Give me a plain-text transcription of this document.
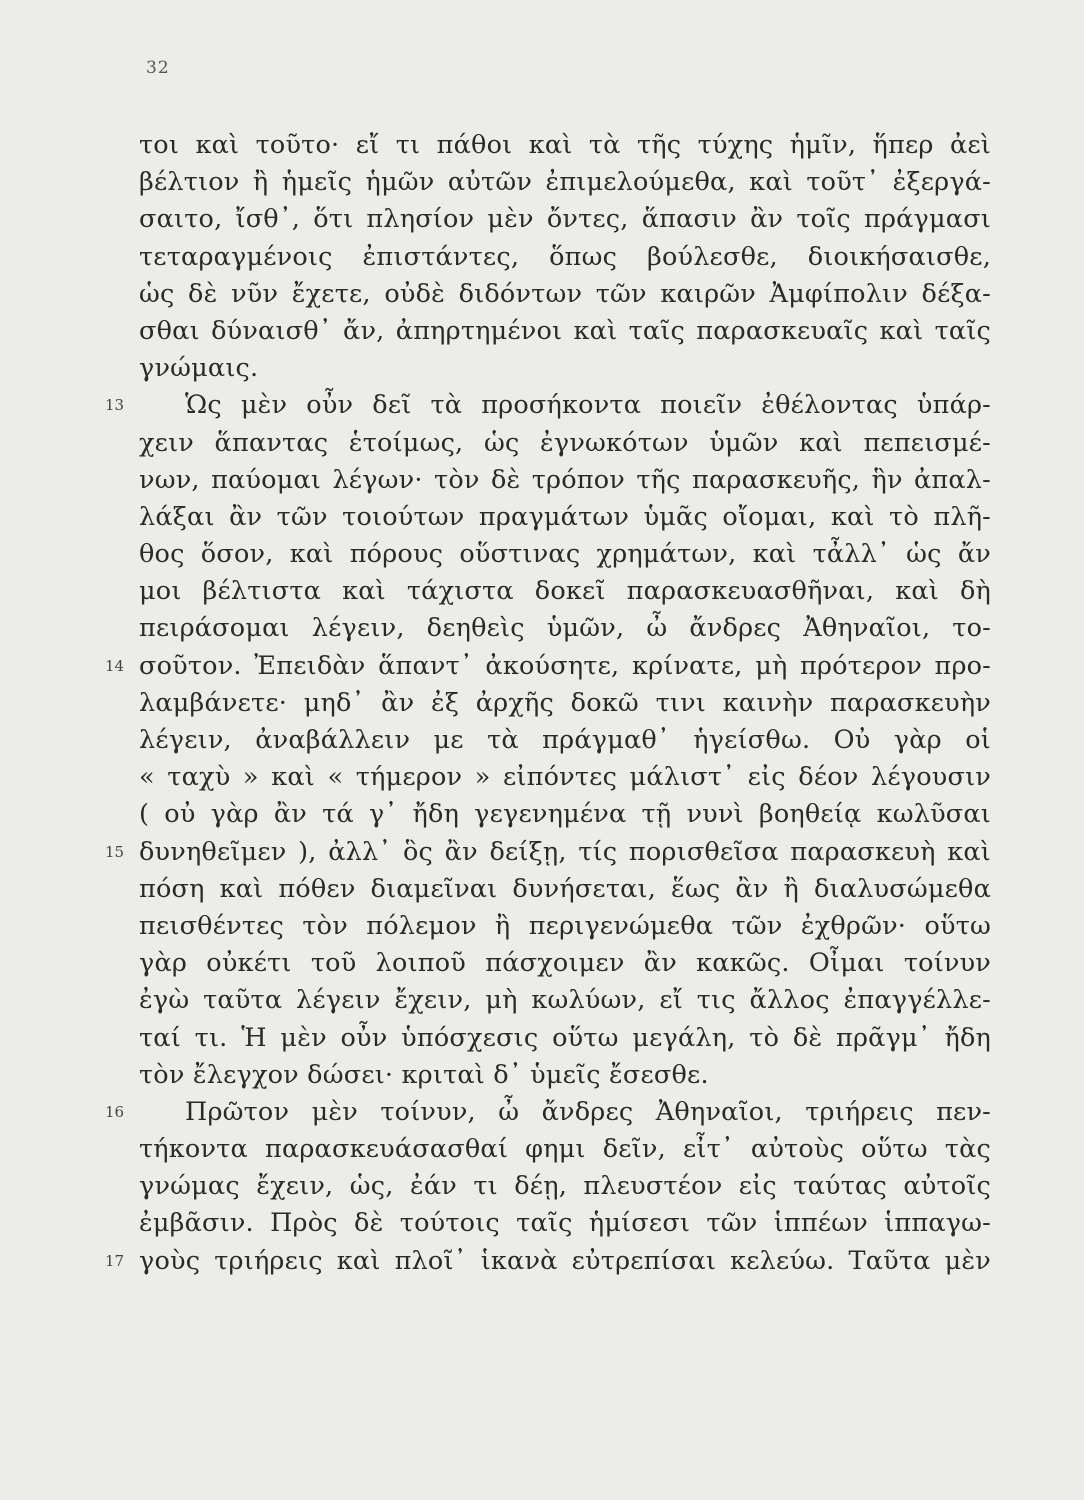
32
τοι καὶ τοῦτο· εἴ τι πάθοι καὶ τὰ τῆς τύχης ἡμῖν, ἥπερ ἀεὶ
βέλτιον ἢ ἡμεῖς ἡμῶν αὐτῶν ἐπιμελούμεθα, καὶ τοῦτ᾽ ἐξεργά-
σαιτο, ἴσθ᾽, ὅτι πλησίον μὲν ὄντες, ἅπασιν ἂν τοῖς πράγμασι
τεταραγμένοις ἐπιστάντες, ὅπως βούλεσθε, διοικήσαισθε,
ὡς δὲ νῦν ἔχετε, οὐδὲ διδόντων τῶν καιρῶν Ἀμφίπολιν δέξα-
σθαι δύναισθ᾽ ἄν, ἀπηρτημένοι καὶ ταῖς παρασκευαῖς καὶ ταῖς
γνώμαις.
13 Ὡς μὲν οὖν δεῖ τὰ προσήκοντα ποιεῖν ἐθέλοντας ὑπάρ-
χειν ἅπαντας ἑτοίμως, ὡς ἐγνωκότων ὑμῶν καὶ πεπεισμέ-
νων, παύομαι λέγων· τὸν δὲ τρόπον τῆς παρασκευῆς, ἣν ἀπαλ-
λάξαι ἂν τῶν τοιούτων πραγμάτων ὑμᾶς οἴομαι, καὶ τὸ πλῆ-
θος ὅσον, καὶ πόρους οὕστινας χρημάτων, καὶ τἆλλ᾽ ὡς ἄν
μοι βέλτιστα καὶ τάχιστα δοκεῖ παρασκευασθῆναι, καὶ δὴ
πειράσομαι λέγειν, δεηθεὶς ὑμῶν, ὦ ἄνδρες Ἀθηναῖοι, το-
14 σοῦτον. Ἐπειδὰν ἅπαντ᾽ ἀκούσητε, κρίνατε, μὴ πρότερον προ-
λαμβάνετε· μηδ᾽ ἂν ἐξ ἀρχῆς δοκῶ τινι καινὴν παρασκευὴν
λέγειν, ἀναβάλλειν με τὰ πράγμαθ᾽ ἡγείσθω. Οὐ γὰρ οἱ
« ταχὺ » καὶ « τήμερον » εἰπόντες μάλιστ᾽ εἰς δέον λέγουσιν
( οὐ γὰρ ἂν τά γ᾽ ἤδη γεγενημένα τῇ νυνὶ βοηθείᾳ κωλῦσαι
15 δυνηθεῖμεν ), ἀλλ᾽ ὃς ἂν δείξῃ, τίς πορισθεῖσα παρασκευὴ καὶ
πόση καὶ πόθεν διαμεῖναι δυνήσεται, ἕως ἂν ἢ διαλυσώμεθα
πεισθέντες τὸν πόλεμον ἢ περιγενώμεθα τῶν ἐχθρῶν· οὕτω
γὰρ οὐκέτι τοῦ λοιποῦ πάσχοιμεν ἂν κακῶς. Οἶμαι τοίνυν
ἐγὼ ταῦτα λέγειν ἔχειν, μὴ κωλύων, εἴ τις ἄλλος ἐπαγγέλλε-
ταί τι. Ἡ μὲν οὖν ὑπόσχεσις οὕτω μεγάλη, τὸ δὲ πρᾶγμ᾽ ἤδη
τὸν ἔλεγχον δώσει· κριταὶ δ᾽ ὑμεῖς ἔσεσθε.
16 Πρῶτον μὲν τοίνυν, ὦ ἄνδρες Ἀθηναῖοι, τριήρεις πεν-
τήκοντα παρασκευάσασθαί φημι δεῖν, εἶτ᾽ αὐτοὺς οὕτω τὰς
γνώμας ἔχειν, ὡς, ἐάν τι δέῃ, πλευστέον εἰς ταύτας αὐτοῖς
ἐμβᾶσιν. Πρὸς δὲ τούτοις ταῖς ἡμίσεσι τῶν ἱππέων ἱππαγω-
17 γοὺς τριήρεις καὶ πλοῖ᾽ ἱκανὰ εὐτρεπίσαι κελεύω. Ταῦτα μὲν
